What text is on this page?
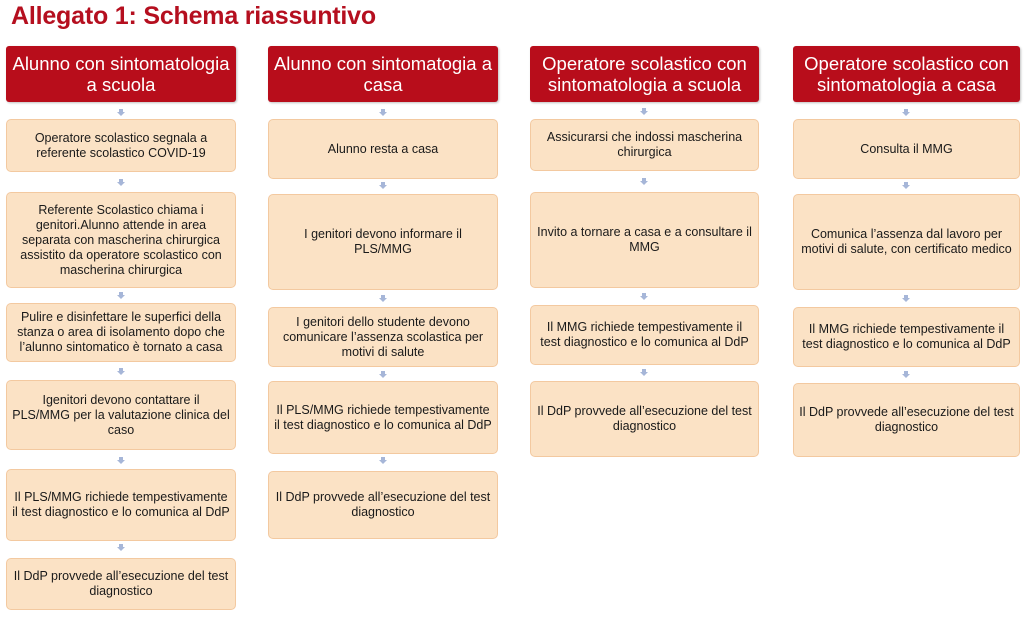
Allegato 1: Schema riassuntivo
Alunno con sintomatologia a scuola
Operatore scolastico segnala a referente scolastico COVID-19
Referente Scolastico chiama i genitori.Alunno attende in area separata con mascherina chirurgica assistito da operatore scolastico con mascherina chirurgica
Pulire e disinfettare le superfici della stanza o area di isolamento dopo che l’alunno sintomatico è tornato a casa
Igenitori devono contattare il PLS/MMG per la valutazione clinica del caso
Il PLS/MMG richiede tempestivamente il test diagnostico e lo comunica al DdP
Il DdP provvede all’esecuzione del test diagnostico
Alunno con sintomatogia a casa
Alunno resta a casa
I genitori devono informare il PLS/MMG
I genitori dello studente devono comunicare l’assenza scolastica per motivi di salute
Il PLS/MMG richiede tempestivamente il test diagnostico e lo comunica al DdP
Il DdP provvede all’esecuzione del test diagnostico
Operatore scolastico con sintomatologia a scuola
Assicurarsi che indossi mascherina chirurgica
Invito a tornare a casa e a consultare il MMG
Il MMG richiede tempestivamente il test diagnostico e lo comunica al DdP
Il DdP provvede all’esecuzione del test diagnostico
Operatore scolastico con sintomatologia a casa
Consulta il MMG
Comunica l’assenza dal lavoro per motivi di salute, con certificato medico
Il MMG richiede tempestivamente il test diagnostico e lo comunica al DdP
Il DdP provvede all’esecuzione del test diagnostico
